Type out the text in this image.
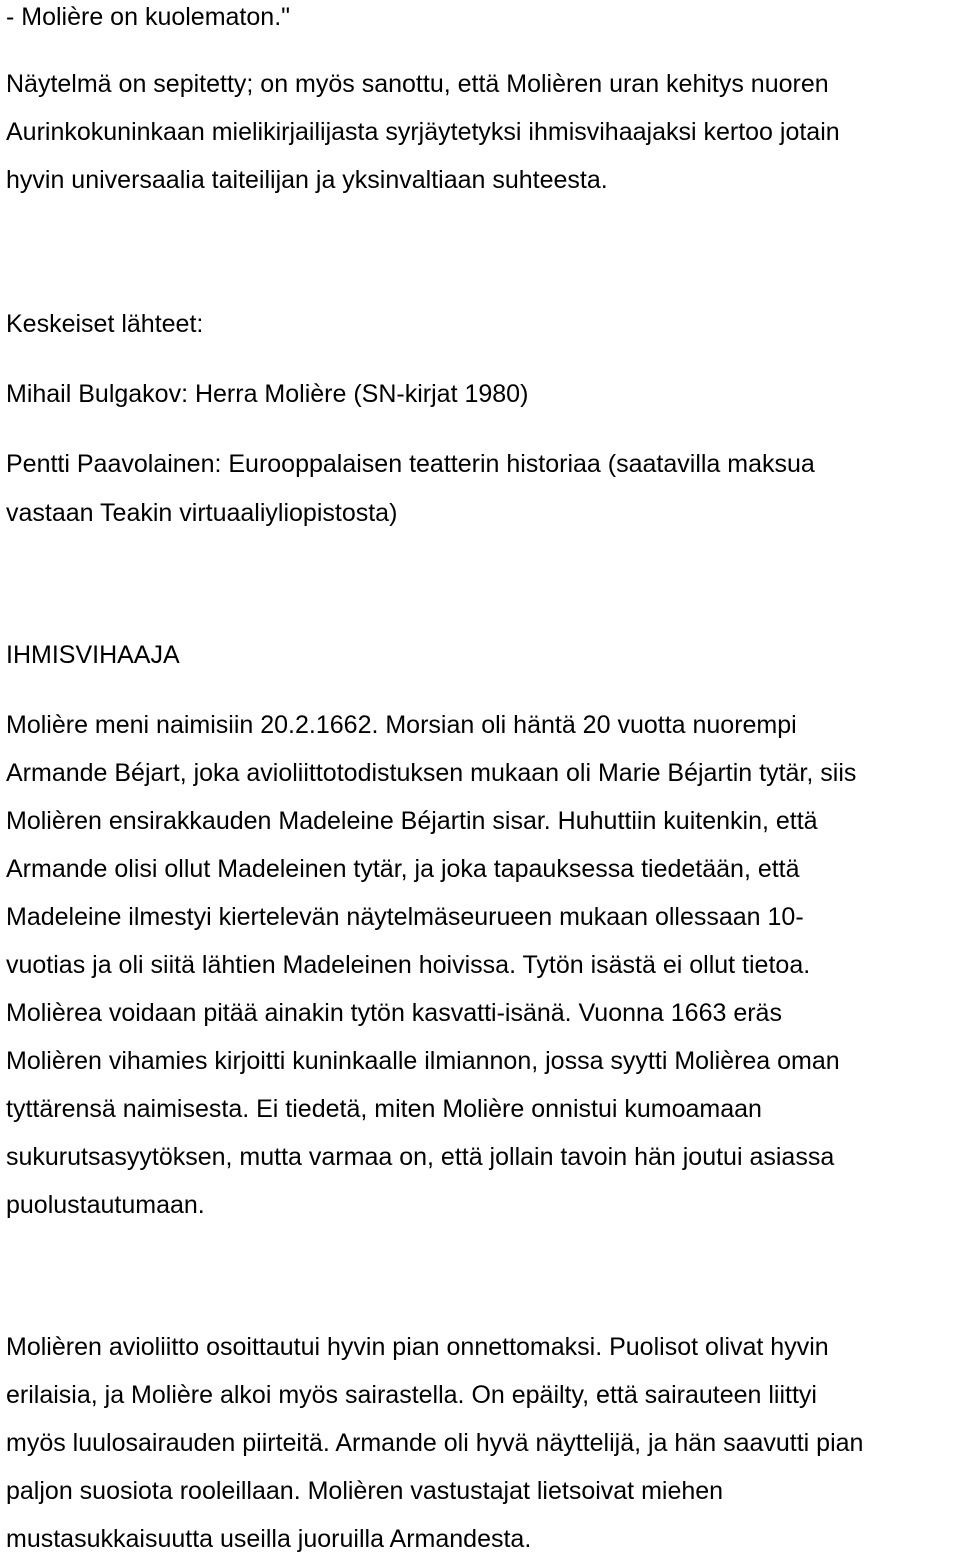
- Molière on kuolematon."
Näytelmä on sepitetty; on myös sanottu, että Molièren uran kehitys nuoren
Aurinkokuninkaan mielikirjailijasta syrjäytetyksi ihmisvihaajaksi kertoo jotain
hyvin universaalia taiteilijan ja yksinvaltiaan suhteesta.
Keskeiset lähteet:
Mihail Bulgakov: Herra Molière (SN-kirjat 1980)
Pentti Paavolainen: Eurooppalaisen teatterin historiaa (saatavilla maksua
vastaan Teakin virtuaaliyliopistosta)
IHMISVIHAAJA
Molière meni naimisiin 20.2.1662. Morsian oli häntä 20 vuotta nuorempi
Armande Béjart, joka avioliittotodistuksen mukaan oli Marie Béjartin tytär, siis
Molièren ensirakkauden Madeleine Béjartin sisar. Huhuttiin kuitenkin, että
Armande olisi ollut Madeleinen tytär, ja joka tapauksessa tiedetään, että
Madeleine ilmestyi kiertelevän näytelmäseurueen mukaan ollessaan 10-
vuotias ja oli siitä lähtien Madeleinen hoivissa. Tytön isästä ei ollut tietoa.
Molièrea voidaan pitää ainakin tytön kasvatti-isänä. Vuonna 1663 eräs
Molièren vihamies kirjoitti kuninkaalle ilmiannon, jossa syytti Molièrea oman
tyttärensä naimisesta. Ei tiedetä, miten Molière onnistui kumoamaan
sukurutsasyytöksen, mutta varmaa on, että jollain tavoin hän joutui asiassa
puolustautumaan.
Molièren avioliitto osoittautui hyvin pian onnettomaksi. Puolisot olivat hyvin
erilaisia, ja Molière alkoi myös sairastella. On epäilty, että sairauteen liittyi
myös luulosairauden piirteitä. Armande oli hyvä näyttelijä, ja hän saavutti pian
paljon suosiota rooleillaan. Molièren vastustajat lietsoivat miehen
mustasukkaisuutta useilla juoruilla Armandesta.
